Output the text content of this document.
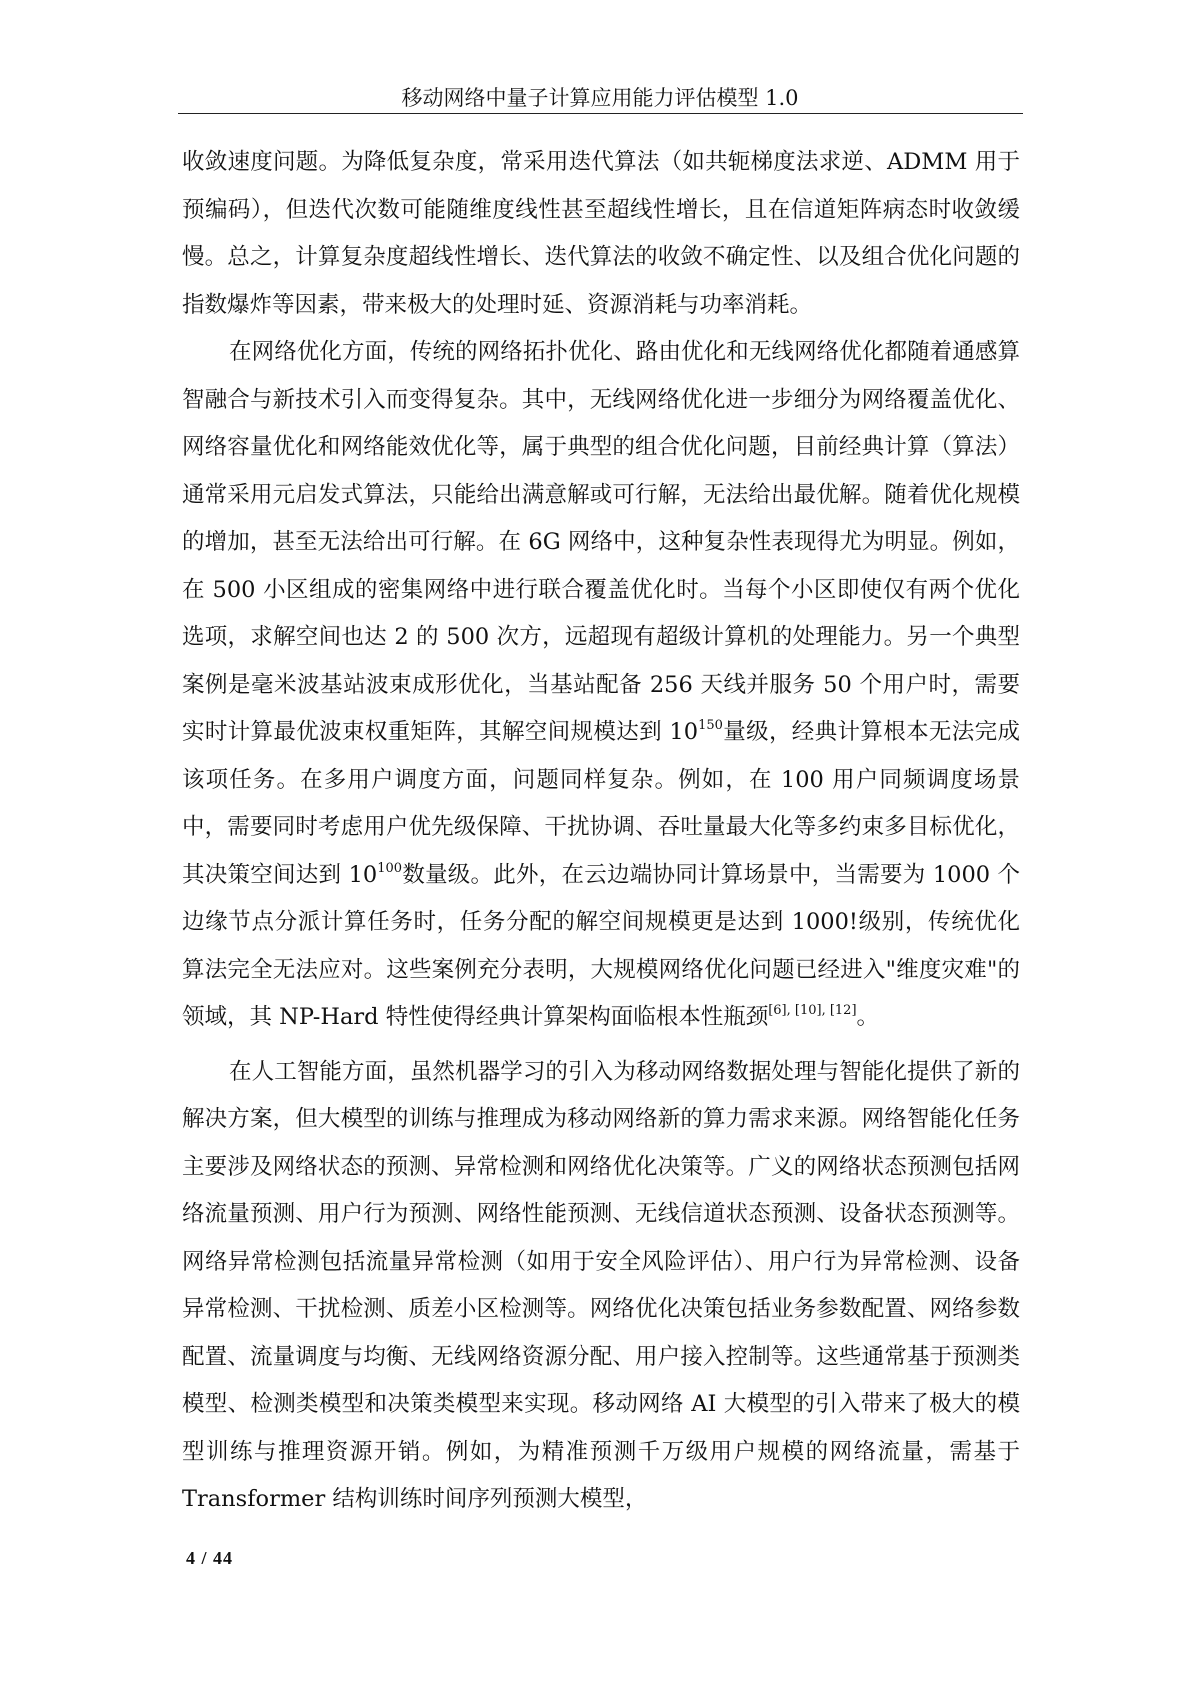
移动网络中量子计算应用能力评估模型 1.0

收敛速度问题。为降低复杂度，常采用迭代算法（如共轭梯度法求逆、ADMM 用于预编码），但迭代次数可能随维度线性甚至超线性增长，且在信道矩阵病态时收敛缓慢。总之，计算复杂度超线性增长、迭代算法的收敛不确定性、以及组合优化问题的指数爆炸等因素，带来极大的处理时延、资源消耗与功率消耗。

在网络优化方面，传统的网络拓扑优化、路由优化和无线网络优化都随着通感算智融合与新技术引入而变得复杂。其中，无线网络优化进一步细分为网络覆盖优化、网络容量优化和网络能效优化等，属于典型的组合优化问题，目前经典计算（算法）通常采用元启发式算法，只能给出满意解或可行解，无法给出最优解。随着优化规模的增加，甚至无法给出可行解。在 6G 网络中，这种复杂性表现得尤为明显。例如，在 500 小区组成的密集网络中进行联合覆盖优化时。当每个小区即使仅有两个优化选项，求解空间也达 2 的 500 次方，远超现有超级计算机的处理能力。另一个典型案例是毫米波基站波束成形优化，当基站配备 256 天线并服务 50 个用户时，需要实时计算最优波束权重矩阵，其解空间规模达到 $10^{150}$量级，经典计算根本无法完成该项任务。在多用户调度方面，问题同样复杂。例如，在 100 用户同频调度场景中，需要同时考虑用户优先级保障、干扰协调、吞吐量最大化等多约束多目标优化，其决策空间达到 $10^{100}$数量级。此外，在云边端协同计算场景中，当需要为 1000 个边缘节点分派计算任务时，任务分配的解空间规模更是达到 1000!级别，传统优化算法完全无法应对。这些案例充分表明，大规模网络优化问题已经进入"维度灾难"的领域，其 NP-Hard 特性使得经典计算架构面临根本性瓶颈[6], [10], [12]。

在人工智能方面，虽然机器学习的引入为移动网络数据处理与智能化提供了新的解决方案，但大模型的训练与推理成为移动网络新的算力需求来源。网络智能化任务主要涉及网络状态的预测、异常检测和网络优化决策等。广义的网络状态预测包括网络流量预测、用户行为预测、网络性能预测、无线信道状态预测、设备状态预测等。网络异常检测包括流量异常检测（如用于安全风险评估）、用户行为异常检测、设备异常检测、干扰检测、质差小区检测等。网络优化决策包括业务参数配置、网络参数配置、流量调度与均衡、无线网络资源分配、用户接入控制等。这些通常基于预测类模型、检测类模型和决策类模型来实现。移动网络 AI 大模型的引入带来了极大的模型训练与推理资源开销。例如，为精准预测千万级用户规模的网络流量，需基于 Transformer 结构训练时间序列预测大模型，

4 / 44
